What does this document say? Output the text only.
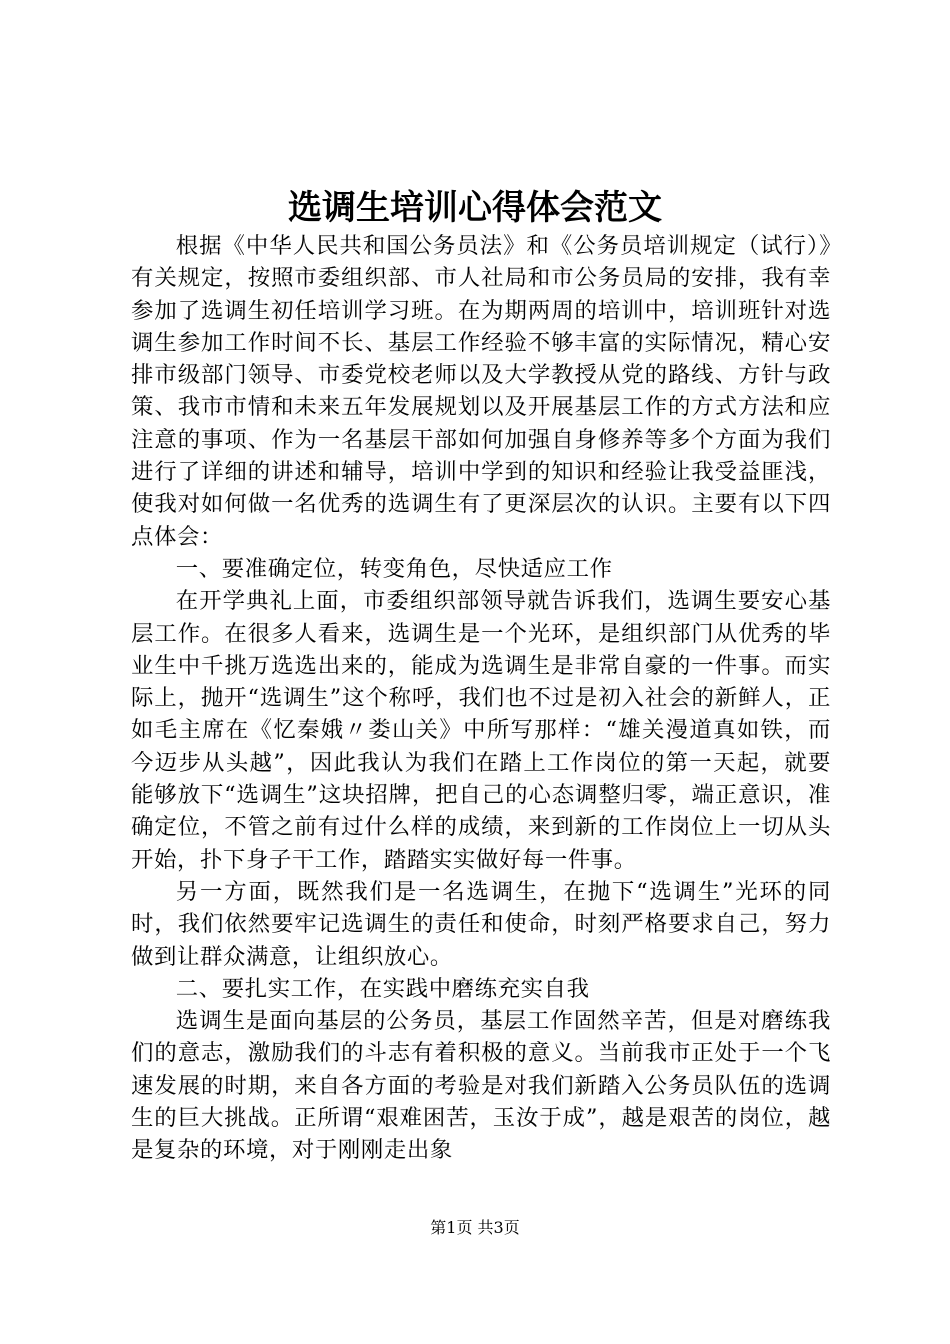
选调生培训心得体会范文

根据《中华人民共和国公务员法》和《公务员培训规定（试行）》有关规定，按照市委组织部、市人社局和市公务员局的安排，我有幸参加了选调生初任培训学习班。在为期两周的培训中，培训班针对选调生参加工作时间不长、基层工作经验不够丰富的实际情况，精心安排市级部门领导、市委党校老师以及大学教授从党的路线、方针与政策、我市市情和未来五年发展规划以及开展基层工作的方式方法和应注意的事项、作为一名基层干部如何加强自身修养等多个方面为我们进行了详细的讲述和辅导，培训中学到的知识和经验让我受益匪浅，使我对如何做一名优秀的选调生有了更深层次的认识。主要有以下四点体会：

一、要准确定位，转变角色，尽快适应工作

在开学典礼上面，市委组织部领导就告诉我们，选调生要安心基层工作。在很多人看来，选调生是一个光环，是组织部门从优秀的毕业生中千挑万选选出来的，能成为选调生是非常自豪的一件事。而实际上，抛开“选调生”这个称呼，我们也不过是初入社会的新鲜人，正如毛主席在《忆秦娥〃娄山关》中所写那样：“雄关漫道真如铁，而今迈步从头越”，因此我认为我们在踏上工作岗位的第一天起，就要能够放下“选调生”这块招牌，把自己的心态调整归零，端正意识，准确定位，不管之前有过什么样的成绩，来到新的工作岗位上一切从头开始，扑下身子干工作，踏踏实实做好每一件事。

另一方面，既然我们是一名选调生，在抛下“选调生”光环的同时，我们依然要牢记选调生的责任和使命，时刻严格要求自己，努力做到让群众满意，让组织放心。

二、要扎实工作，在实践中磨练充实自我

选调生是面向基层的公务员，基层工作固然辛苦，但是对磨练我们的意志，激励我们的斗志有着积极的意义。当前我市正处于一个飞速发展的时期，来自各方面的考验是对我们新踏入公务员队伍的选调生的巨大挑战。正所谓“艰难困苦，玉汝于成”，越是艰苦的岗位，越是复杂的环境，对于刚刚走出象

第1页 共3页
